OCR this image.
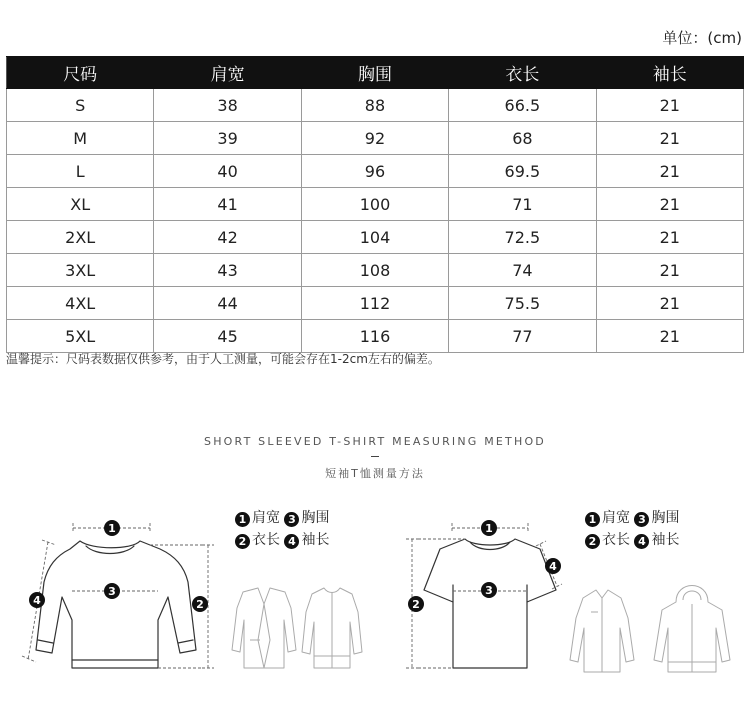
单位：(cm)
尺码	肩宽	胸围	衣长	袖长
S	38	88	66.5	21
M	39	92	68	21
L	40	96	69.5	21
XL	41	100	71	21
2XL	42	104	72.5	21
3XL	43	108	74	21
4XL	44	112	75.5	21
5XL	45	116	77	21
温馨提示：尺码表数据仅供参考，由于人工测量，可能会存在1-2cm左右的偏差。
SHORT SLEEVED T-SHIRT MEASURING METHOD
短袖T恤测量方法
1 肩宽 3 胸围
2 衣长 4 袖长
1 肩宽 3 胸围
2 衣长 4 袖长
1
3
2
4
1
3
2
4
